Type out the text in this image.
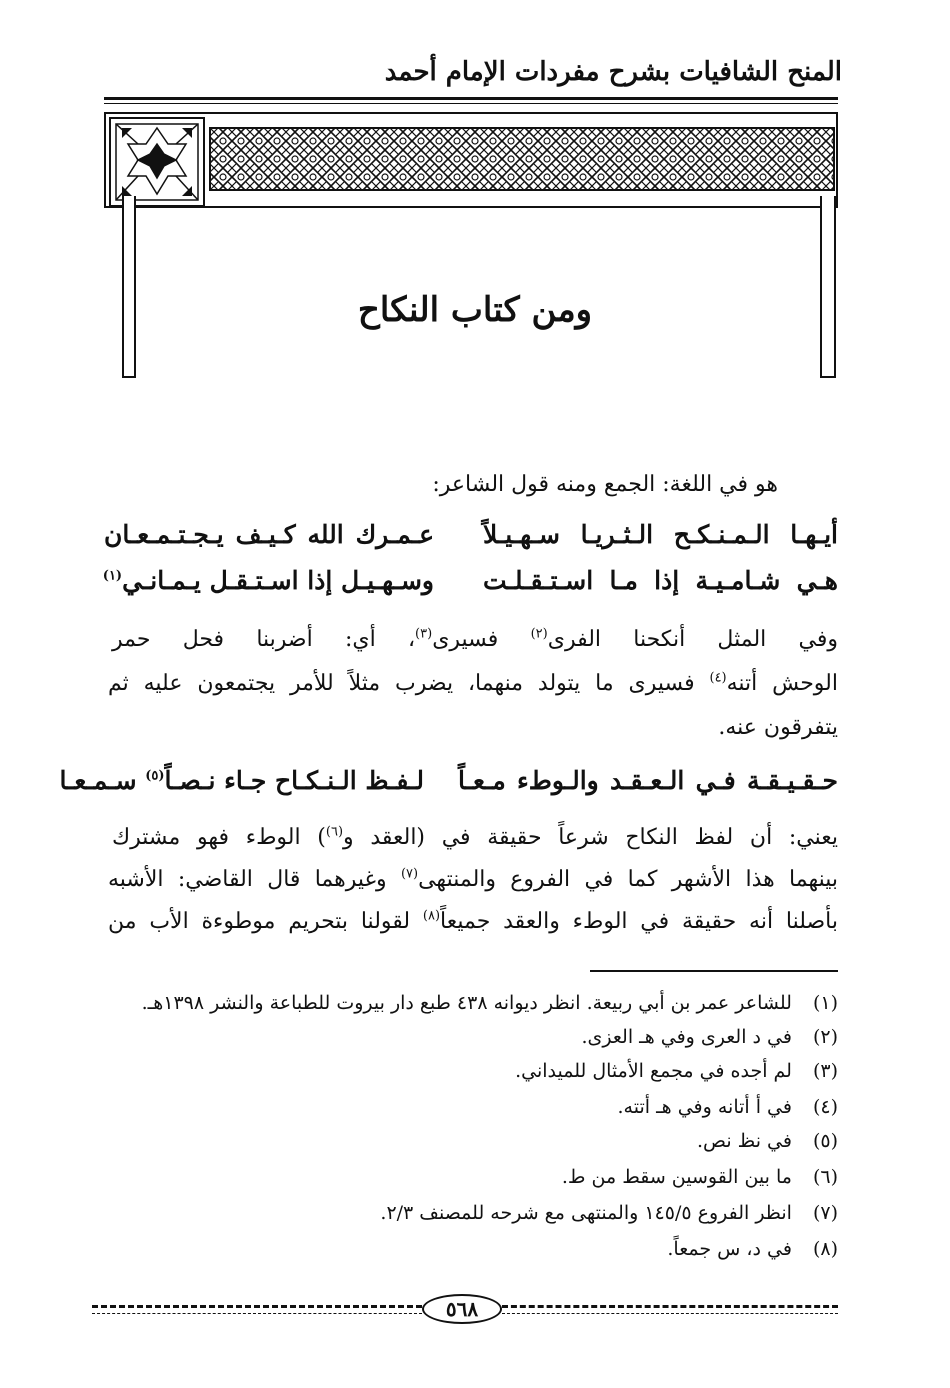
المنح الشافيات بشرح مفردات الإمام أحمد
ومن كتاب النكاح
هو في اللغة: الجمع ومنه قول الشاعر:
أيـهـا الـمـنـكـح الـثـريـا سـهـيـلاً
عـمـرك الله كـيـف يـجـتـمـعـان
هـي شـامـيـة إذا مـا اسـتـقـلـت
وسـهـيـل إذا اسـتـقـل يـمـانـي$^{(١)}$
وفي المثل أنكحنا الفرى$^{(٢)}$ فسيرى$^{(٣)}$، أي: أضربنا فحل حمر
الوحش أتنه$^{(٤)}$ فسيرى ما يتولد منهما، يضرب مثلاً للأمر يجتمعون عليه ثم
يتفرقون عنه.
حـقـيـقـة فـي الـعـقـد والـوطء مـعـاً
لـفـظ الـنـكـاح جـاء نـصـاً$^{(٥)}$ سـمـعـا
يعني: أن لفظ النكاح شرعاً حقيقة في (العقد و$^{(٦)}$) الوطء فهو مشترك
بينهما هذا الأشهر كما في الفروع والمنتهى$^{(٧)}$ وغيرهما قال القاضي: الأشبه
بأصلنا أنه حقيقة في الوطء والعقد جميعاً$^{(٨)}$ لقولنا بتحريم موطوءة الأب من
(١) للشاعر عمر بن أبي ربيعة. انظر ديوانه ٤٣٨ طبع دار بيروت للطباعة والنشر ١٣٩٨هـ.
(٢) في د العرى وفي هـ العزى.
(٣) لم أجده في مجمع الأمثال للميداني.
(٤) في أ أتانه وفي هـ أتته.
(٥) في نظ نص.
(٦) ما بين القوسين سقط من ط.
(٧) انظر الفروع ١٤٥/٥ والمنتهى مع شرحه للمصنف ٢/٣.
(٨) في د، س جمعاً.
٥٦٨
